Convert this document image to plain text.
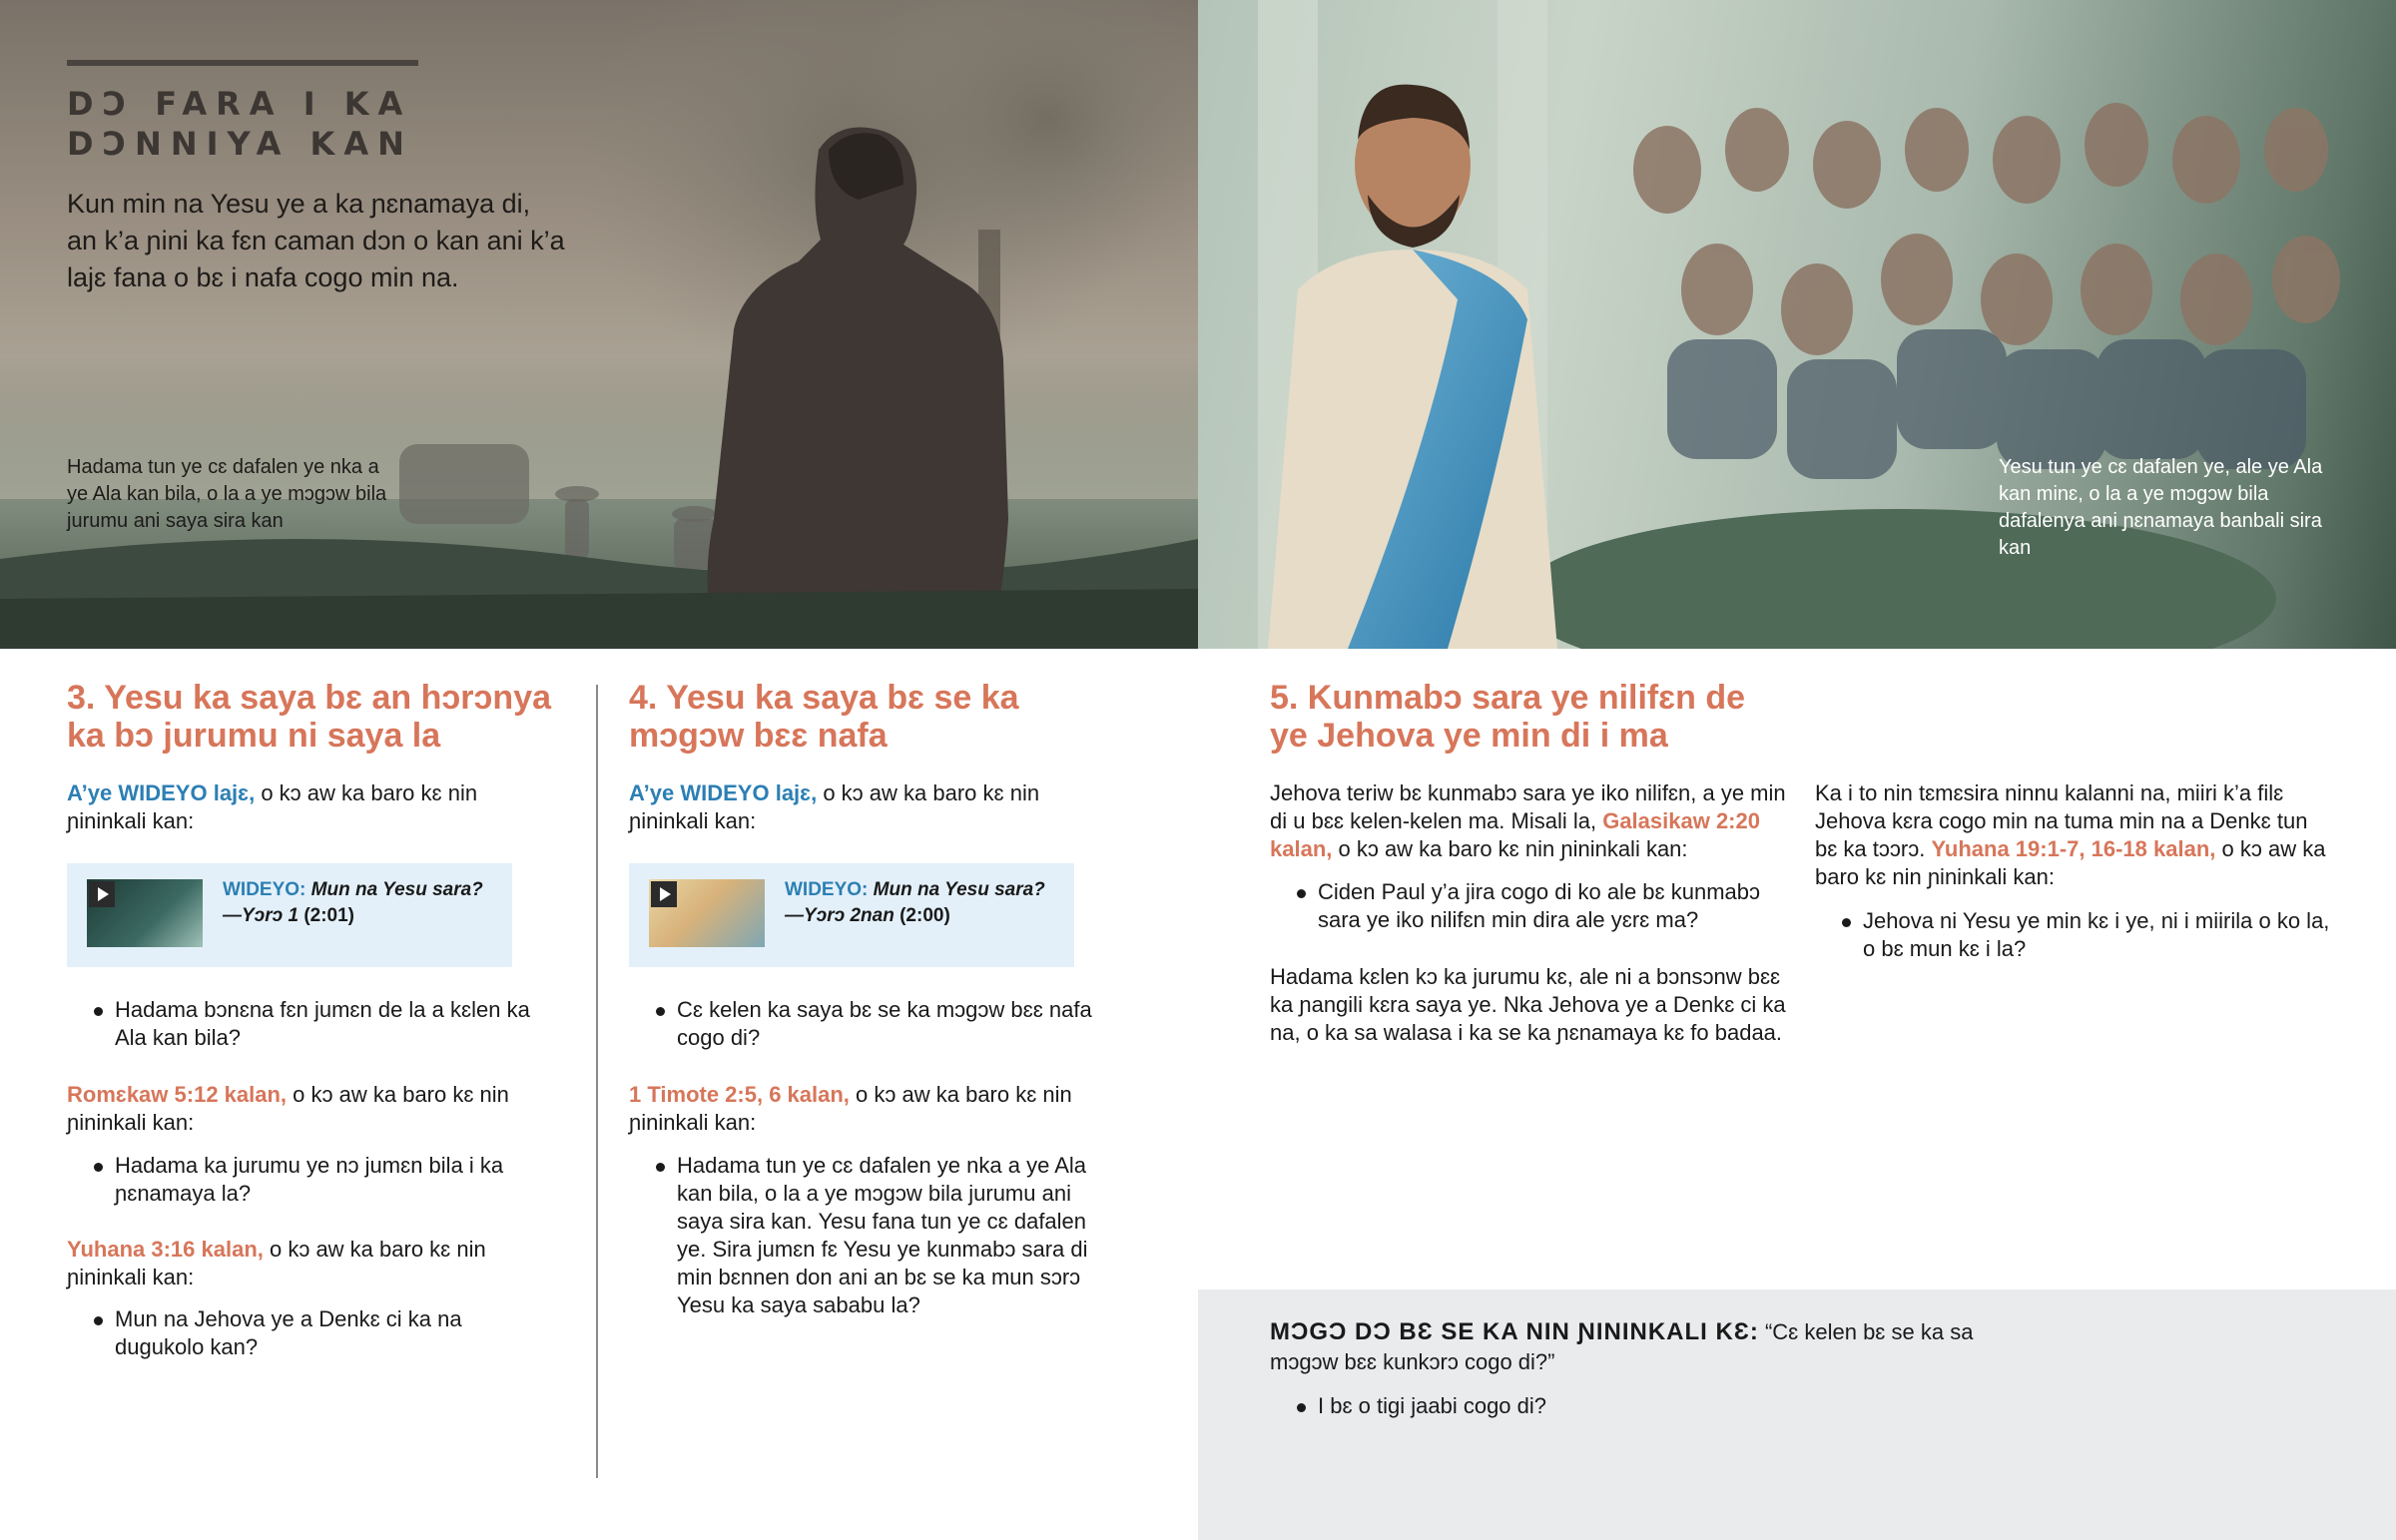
DƆ FARA I KA
DƆNNIYA KAN
Kun min na Yesu ye a ka ɲɛnamaya di, an k’a ɲini ka fɛn caman dɔn o kan ani k’a lajɛ fana o bɛ i nafa cogo min na.
Hadama tun ye cɛ dafalen ye nka a ye Ala kan bila, o la a ye mɔgɔw bila jurumu ani saya sira kan
Yesu tun ye cɛ dafalen ye, ale ye Ala kan minɛ, o la a ye mɔgɔw bila dafalenya ani ɲɛnamaya banbali sira kan
3. Yesu ka saya bɛ an hɔrɔnya
ka bɔ jurumu ni saya la
A’ye WIDEYO lajɛ, o kɔ aw ka baro kɛ nin ɲininkali kan:
WIDEYO: Mun na Yesu sara?
—Yɔrɔ 1 (2:01)
Hadama bɔnɛna fɛn jumɛn de la a kɛlen ka Ala kan bila?
Romɛkaw 5:12 kalan, o kɔ aw ka baro kɛ nin ɲininkali kan:
Hadama ka jurumu ye nɔ jumɛn bila i ka ɲɛnamaya la?
Yuhana 3:16 kalan, o kɔ aw ka baro kɛ nin ɲininkali kan:
Mun na Jehova ye a Denkɛ ci ka na dugukolo kan?
4. Yesu ka saya bɛ se ka
mɔgɔw bɛɛ nafa
A’ye WIDEYO lajɛ, o kɔ aw ka baro kɛ nin ɲininkali kan:
WIDEYO: Mun na Yesu sara?
—Yɔrɔ 2nan (2:00)
Cɛ kelen ka saya bɛ se ka mɔgɔw bɛɛ nafa cogo di?
1 Timote 2:5, 6 kalan, o kɔ aw ka baro kɛ nin ɲininkali kan:
Hadama tun ye cɛ dafalen ye nka a ye Ala kan bila, o la a ye mɔgɔw bila jurumu ani saya sira kan. Yesu fana tun ye cɛ dafalen ye. Sira jumɛn fɛ Yesu ye kunmabɔ sara di min bɛnnen don ani an bɛ se ka mun sɔrɔ Yesu ka saya sababu la?
5. Kunmabɔ sara ye nilifɛn de
ye Jehova ye min di i ma
Jehova teriw bɛ kunmabɔ sara ye iko nilifɛn, a ye min di u bɛɛ kelen-kelen ma. Misali la, Galasikaw 2:20 kalan, o kɔ aw ka baro kɛ nin ɲininkali kan:
Ciden Paul y’a jira cogo di ko ale bɛ kunmabɔ sara ye iko nilifɛn min dira ale yɛrɛ ma?
Hadama kɛlen kɔ ka jurumu kɛ, ale ni a bɔnsɔnw bɛɛ ka ɲangili kɛra saya ye. Nka Jehova ye a Denkɛ ci ka na, o ka sa walasa i ka se ka ɲɛnamaya kɛ fo badaa.
Ka i to nin tɛmɛsira ninnu kalanni na, miiri k’a filɛ Jehova kɛra cogo min na tuma min na a Denkɛ tun bɛ ka tɔɔrɔ. Yuhana 19:1-7, 16-18 kalan, o kɔ aw ka baro kɛ nin ɲininkali kan:
Jehova ni Yesu ye min kɛ i ye, ni i miirila o ko la, o bɛ mun kɛ i la?
MƆGƆ DƆ BƐ SE KA NIN ƝININKALI KƐ: “Cɛ kelen bɛ se ka sa mɔgɔw bɛɛ kunkɔrɔ cogo di?”
I bɛ o tigi jaabi cogo di?
